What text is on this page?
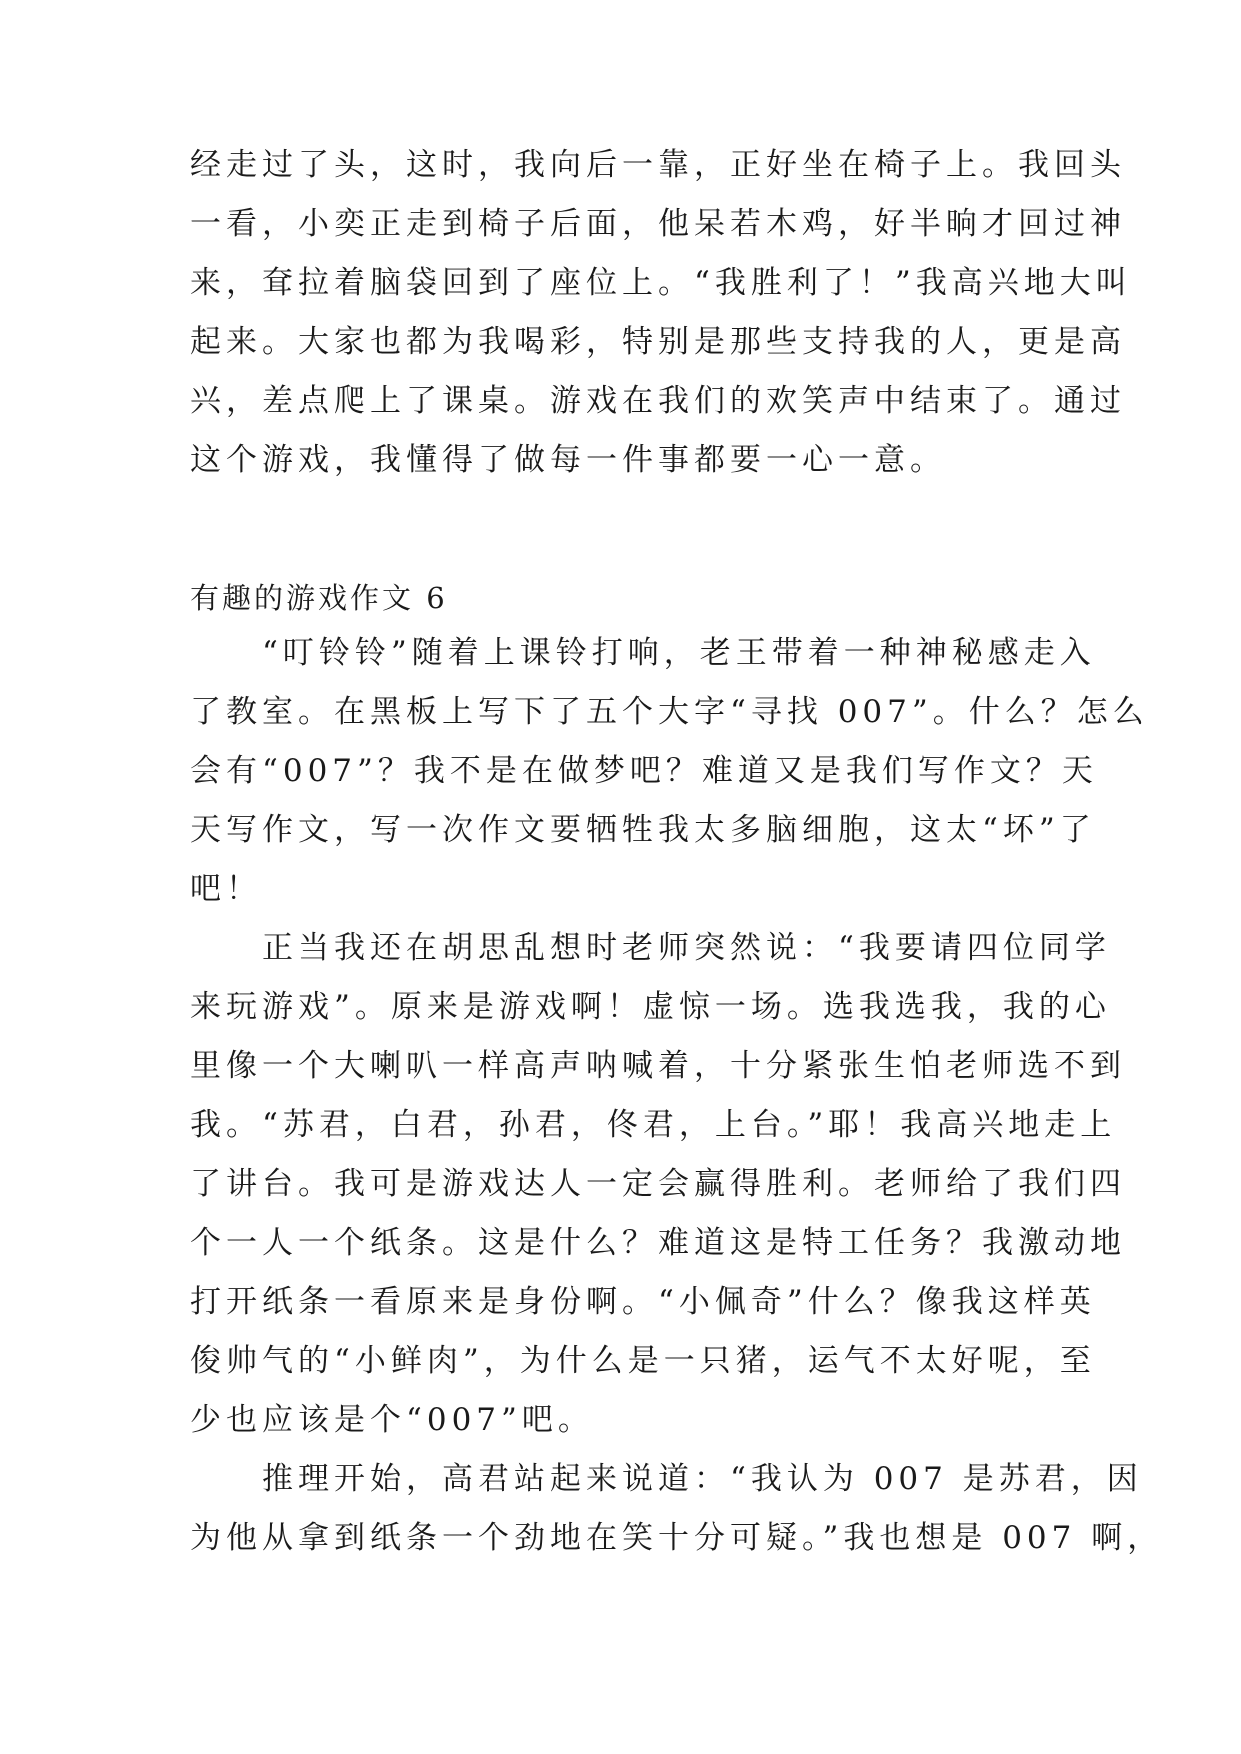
经走过了头，这时，我向后一靠，正好坐在椅子上。我回头
一看，小奕正走到椅子后面，他呆若木鸡，好半晌才回过神
来，耷拉着脑袋回到了座位上。“我胜利了！”我高兴地大叫
起来。大家也都为我喝彩，特别是那些支持我的人，更是高
兴，差点爬上了课桌。游戏在我们的欢笑声中结束了。通过
这个游戏，我懂得了做每一件事都要一心一意。
有趣的游戏作文 6
　　“叮铃铃”随着上课铃打响，老王带着一种神秘感走入
了教室。在黑板上写下了五个大字“寻找 007”。什么？怎么
会有“007”？我不是在做梦吧？难道又是我们写作文？天
天写作文，写一次作文要牺牲我太多脑细胞，这太“坏”了
吧！
　　正当我还在胡思乱想时老师突然说：“我要请四位同学
来玩游戏”。原来是游戏啊！虚惊一场。选我选我，我的心
里像一个大喇叭一样高声呐喊着，十分紧张生怕老师选不到
我。“苏君，白君，孙君，佟君，上台。”耶！我高兴地走上
了讲台。我可是游戏达人一定会赢得胜利。老师给了我们四
个一人一个纸条。这是什么？难道这是特工任务？我激动地
打开纸条一看原来是身份啊。“小佩奇”什么？像我这样英
俊帅气的“小鲜肉”，为什么是一只猪，运气不太好呢，至
少也应该是个“007”吧。
　　推理开始，高君站起来说道：“我认为 007 是苏君，因
为他从拿到纸条一个劲地在笑十分可疑。”我也想是 007 啊，
